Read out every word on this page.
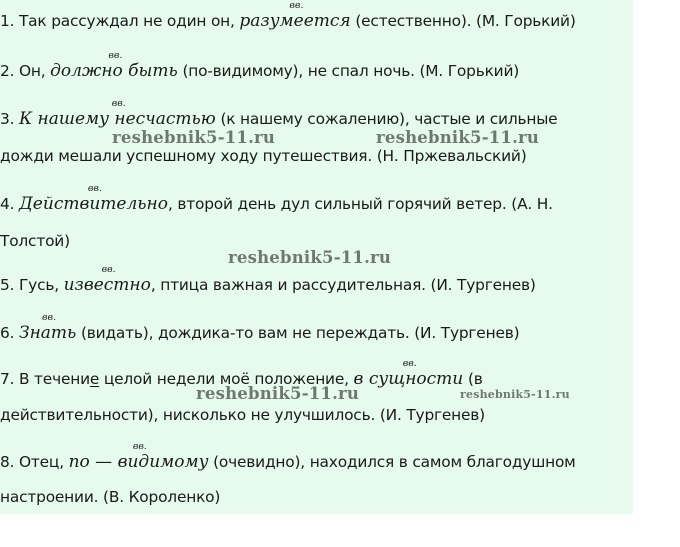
1. Так рассуждал не один он,
вв.
разумеется (естественно). (М. Горький)
2. Он,
вв.
должно быть (по-видимому), не спал ночь. (М. Горький)
3.
вв.
К нашему несчастью (к нашему сожалению), частые и сильные
дожди мешали успешному ходу путешествия. (Н. Пржевальский)
4.
вв.
Действительно, второй день дул сильный горячий ветер. (А. Н.
Толстой)
5. Гусь,
вв.
известно, птица важная и рассудительная. (И. Тургенев)
6.
вв.
Знать (видать), дождика-то вам не переждать. (И. Тургенев)
7. В течение целой недели моё положение,
вв.
в сущности (в
действительности), нисколько не улучшилось. (И. Тургенев)
8. Отец,
вв.
по — видимому (очевидно), находился в самом благодушном
настроении. (В. Короленко)
reshebnik5-11.ru	reshebnik5-11.ru
reshebnik5-11.ru
reshebnik5-11.ru	reshebnik5-11.ru
